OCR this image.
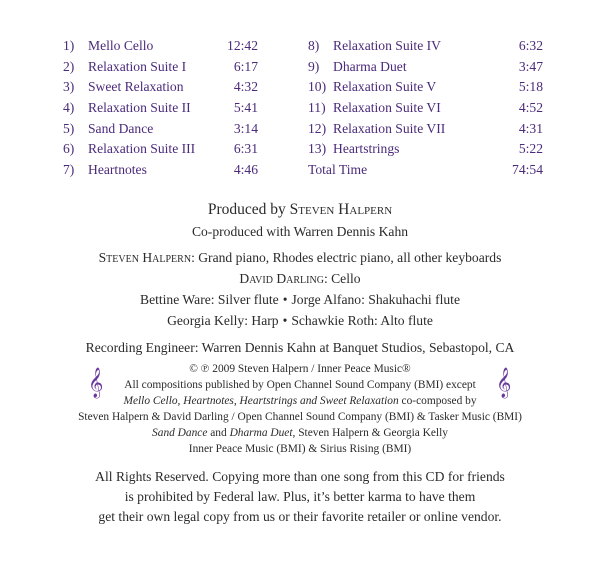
1) Mello Cello	12:42
2) Relaxation Suite I	6:17
3) Sweet Relaxation	4:32
4) Relaxation Suite II	5:41
5) Sand Dance	3:14
6) Relaxation Suite III	6:31
7) Heartnotes	4:46
8) Relaxation Suite IV	6:32
9) Dharma Duet	3:47
10) Relaxation Suite V	5:18
11) Relaxation Suite VI	4:52
12) Relaxation Suite VII	4:31
13) Heartstrings	5:22
Total Time	74:54
Produced by Steven Halpern
Co-produced with Warren Dennis Kahn
Steven Halpern: Grand piano, Rhodes electric piano, all other keyboards
David Darling: Cello
Bettine Ware: Silver flute • Jorge Alfano: Shakuhachi flute
Georgia Kelly: Harp • Schawkie Roth: Alto flute
Recording Engineer: Warren Dennis Kahn at Banquet Studios, Sebastopol, CA
𝄞	𝄞
© ℗ 2009 Steven Halpern / Inner Peace Music®
All compositions published by Open Channel Sound Company (BMI) except
Mello Cello, Heartnotes, Heartstrings and Sweet Relaxation co-composed by
Steven Halpern & David Darling / Open Channel Sound Company (BMI) & Tasker Music (BMI)
Sand Dance and Dharma Duet, Steven Halpern & Georgia Kelly
Inner Peace Music (BMI) & Sirius Rising (BMI)
All Rights Reserved. Copying more than one song from this CD for friends
is prohibited by Federal law. Plus, it’s better karma to have them
get their own legal copy from us or their favorite retailer or online vendor.
